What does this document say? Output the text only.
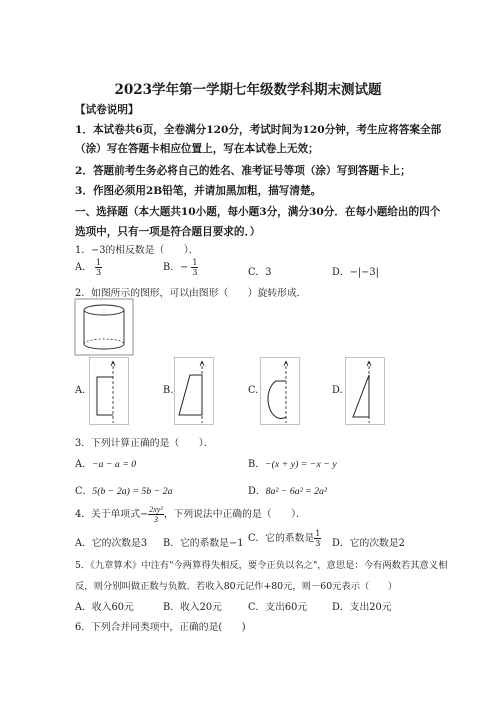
2023学年第一学期七年级数学科期末测试题
【试卷说明】
1．本试卷共6页，全卷满分120分，考试时间为120分钟，考生应将答案全部
（涂）写在答题卡相应位置上，写在本试卷上无效；
2．答题前考生务必将自己的姓名、准考证号等项（涂）写到答题卡上；
3．作图必须用2B铅笔，并请加黑加粗，描写清楚。
一、选择题（本大题共10小题，每小题3分，满分30分．在每小题给出的四个
选项中，只有一项是符合题目要求的．）
1．−3的相反数是（　　）．
A． $\frac{1}{3}$	B．− $\frac{1}{3}$	C．3	D．−|−3|
2．如图所示的图形，可以由图形（　　）旋转形成．
A.	B.	C.	D.
3．下列计算正确的是（　　）．
A．−a − a = 0	B．−(x + y) = −x − y
C．5(b − 2a) = 5b − 2a	D．8a² − 6a² = 2a²
4．关于单项式− $\frac{\text{2xy²}}{3}$ ，下列说法中正确的是（　　）．
A．它的次数是3 B．它的系数是−1 C．它的系数是 $\frac{1}{3}$ D．它的次数是2
5．《九章算术》中注有"今两算得失相反，要令正负以名之"，意思是：今有两数若其意义相
反，则分别叫做正数与负数．若收入80元记作+80元，则－60元表示（　　）
A．收入60元	B．收入20元	C．支出60元	D．支出20元
6．下列合并同类项中，正确的是(　　)
